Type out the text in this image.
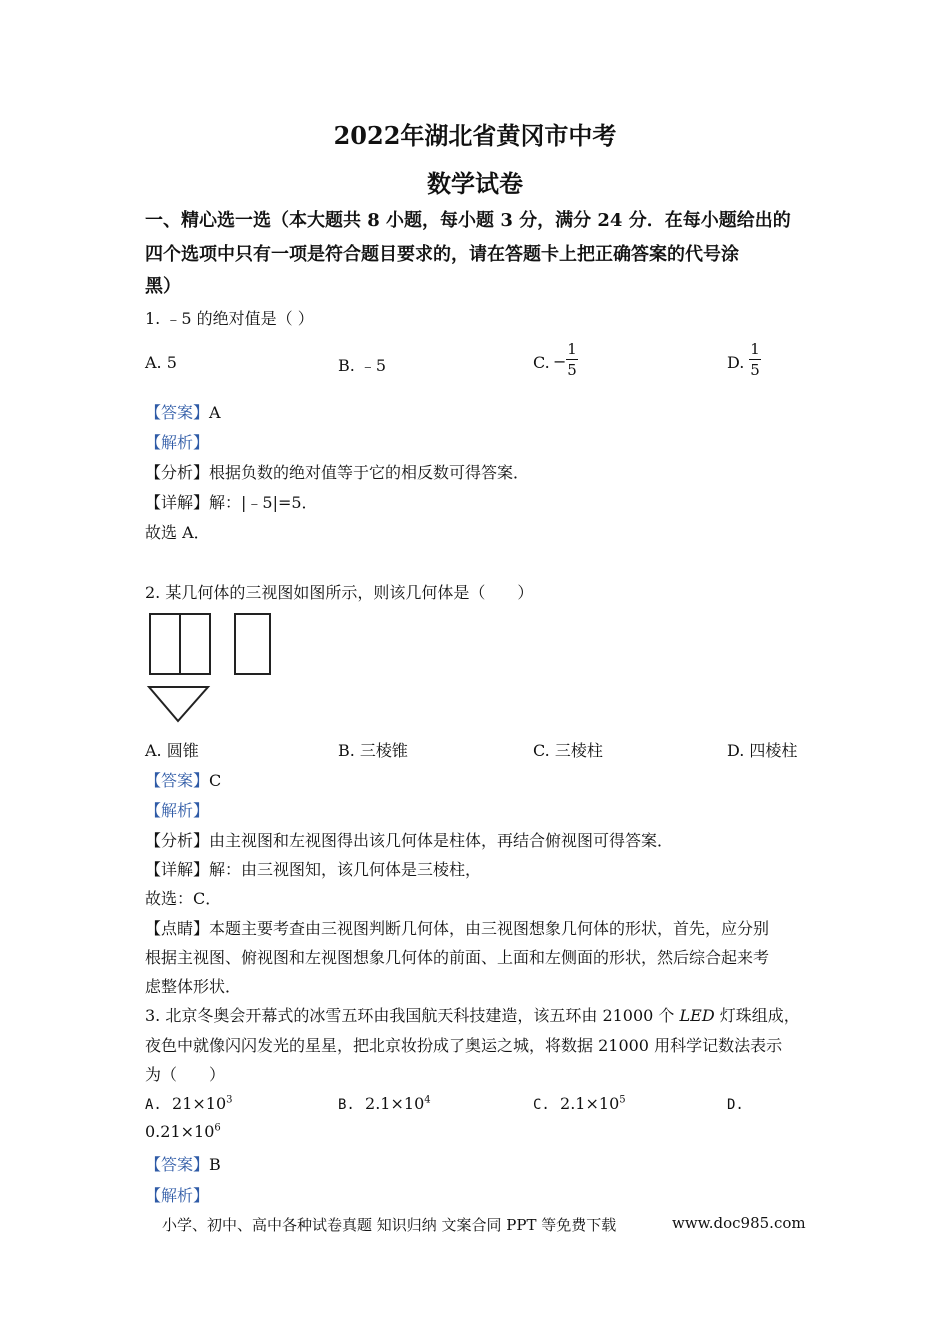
2022年湖北省黄冈市中考
数学试卷
一、精心选一选（本大题共 8 小题，每小题 3 分，满分 24 分．在每小题给出的
四个选项中只有一项是符合题目要求的，请在答题卡上把正确答案的代号涂
黑）
1. ﹣5 的绝对值是（ ）
A. 5	B. ﹣5	C. −
1
5	D.
1
5
【答案】A
【解析】
【分析】根据负数的绝对值等于它的相反数可得答案．
【详解】解：|﹣5|=5．
故选 A．
2. 某几何体的三视图如图所示，则该几何体是（　　）
A. 圆锥	B. 三棱锥	C. 三棱柱	D. 四棱柱
【答案】C
【解析】
【分析】由主视图和左视图得出该几何体是柱体，再结合俯视图可得答案．
【详解】解：由三视图知，该几何体是三棱柱，
故选：C．
【点睛】本题主要考查由三视图判断几何体，由三视图想象几何体的形状，首先，应分别
根据主视图、俯视图和左视图想象几何体的前面、上面和左侧面的形状，然后综合起来考
虑整体形状．
3. 北京冬奥会开幕式的冰雪五环由我国航天科技建造，该五环由 21000 个 LED 灯珠组成，
夜色中就像闪闪发光的星星，把北京妆扮成了奥运之城，将数据 21000 用科学记数法表示
为（　　）
A. $21\times 10^3$	B. $2.1\times 10^4$	C. $2.1\times 10^5$	D.
$0.21\times 10^6$
【答案】B
【解析】
小学、初中、高中各种试卷真题 知识归纳 文案合同 PPT 等免费下载	www.doc985.com
